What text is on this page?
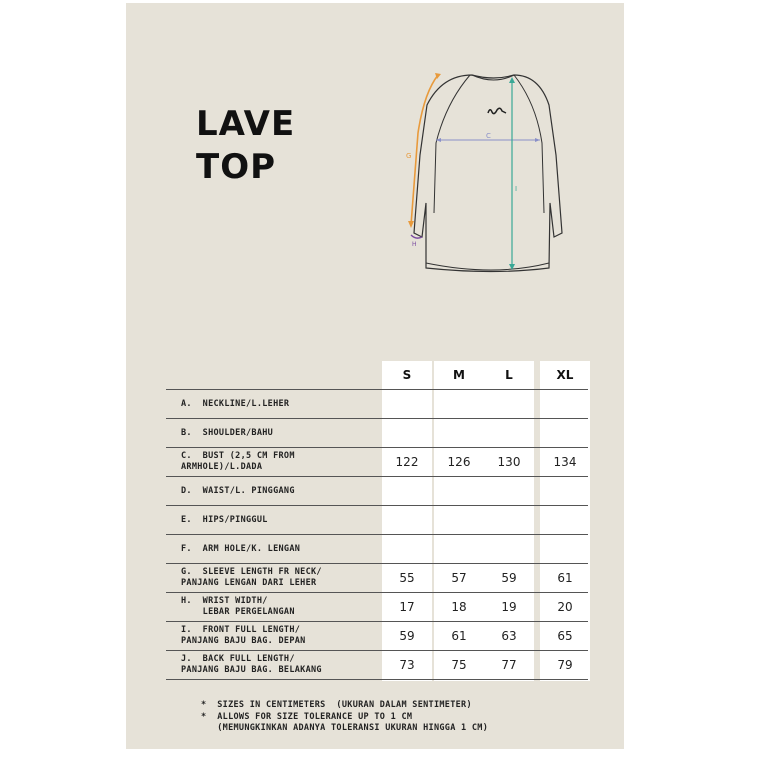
LAVE
TOP	G
C
I
H
S	M	L	XL
A.  NECKLINE/L.LEHER
B.  SHOULDER/BAHU
C.  BUST (2,5 CM FROM
ARMHOLE)/L.DADA	122	126	130	134
D.  WAIST/L. PINGGANG
E.  HIPS/PINGGUL
F.  ARM HOLE/K. LENGAN
G.  SLEEVE LENGTH FR NECK/
PANJANG LENGAN DARI LEHER	55	57	59	61
H.  WRIST WIDTH/
LEBAR PERGELANGAN	17	18	19	20
I.  FRONT FULL LENGTH/
PANJANG BAJU BAG. DEPAN	59	61	63	65
J.  BACK FULL LENGTH/
PANJANG BAJU BAG. BELAKANG	73	75	77	79
*  SIZES IN CENTIMETERS  (UKURAN DALAM SENTIMETER)
*  ALLOWS FOR SIZE TOLERANCE UP TO 1 CM
(MEMUNGKINKAN ADANYA TOLERANSI UKURAN HINGGA 1 CM)
